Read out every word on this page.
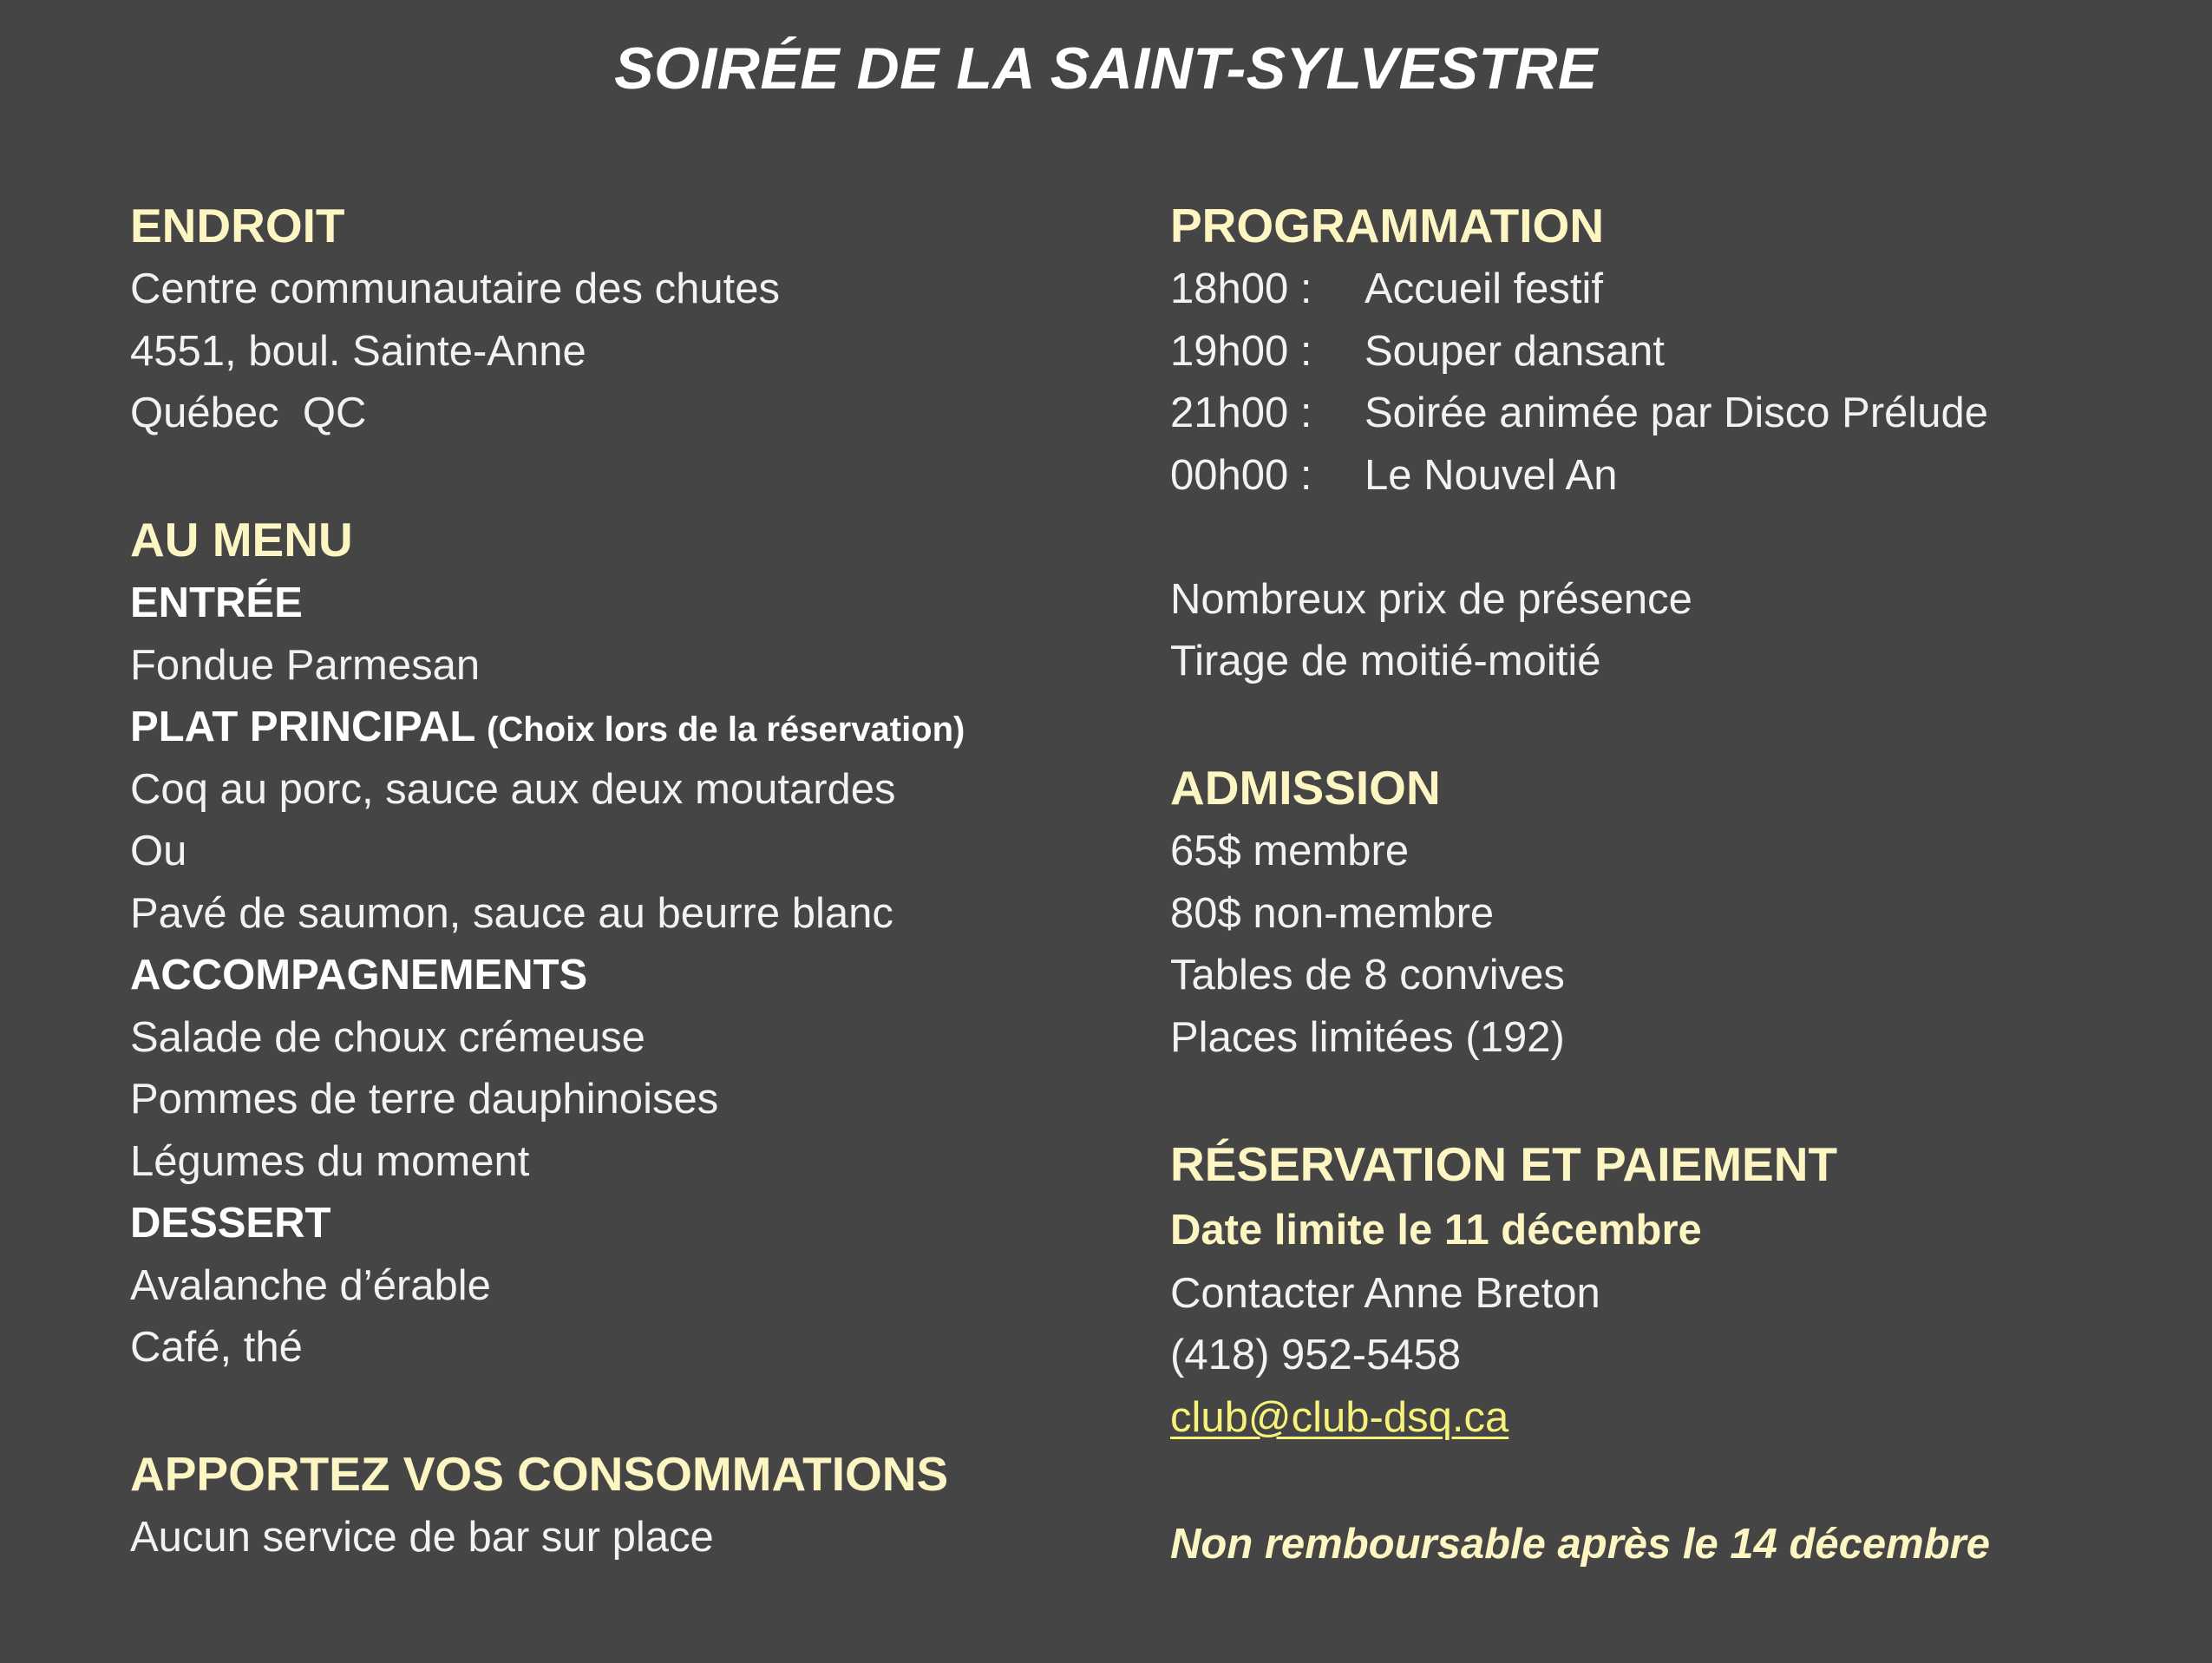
SOIRÉE DE LA SAINT-SYLVESTRE
ENDROIT
Centre communautaire des chutes
4551, boul. Sainte-Anne
Québec  QC
AU MENU
ENTRÉE
Fondue Parmesan
PLAT PRINCIPAL (Choix lors de la réservation)
Coq au porc, sauce aux deux moutardes
Ou
Pavé de saumon, sauce au beurre blanc
ACCOMPAGNEMENTS
Salade de choux crémeuse
Pommes de terre dauphinoises
Légumes du moment
DESSERT
Avalanche d’érable
Café, thé
APPORTEZ VOS CONSOMMATIONS
Aucun service de bar sur place
PROGRAMMATION
18h00 : Accueil festif
19h00 : Souper dansant
21h00 : Soirée animée par Disco Prélude
00h00 : Le Nouvel An
Nombreux prix de présence
Tirage de moitié-moitié
ADMISSION
65$ membre
80$ non-membre
Tables de 8 convives
Places limitées (192)
RÉSERVATION ET PAIEMENT
Date limite le 11 décembre
Contacter Anne Breton
(418) 952-5458
club@club-dsq.ca
Non remboursable après le 14 décembre
